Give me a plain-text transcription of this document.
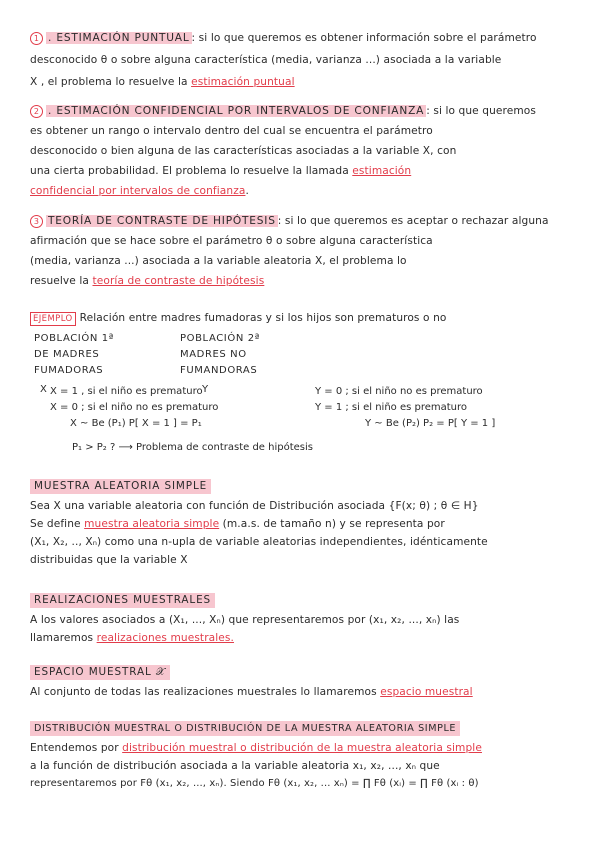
1 . ESTIMACIÓN PUNTUAL : si lo que queremos es obtener información sobre el parámetro
desconocido θ o sobre alguna característica (media, varianza ...) asociada a la variable
X , el problema lo resuelve la estimación puntual
2 . ESTIMACIÓN CONFIDENCIAL POR INTERVALOS DE CONFIANZA : si lo que queremos
es obtener un rango o intervalo dentro del cual se encuentra el parámetro
desconocido o bien alguna de las características asociadas a la variable X, con
una cierta probabilidad. El problema lo resuelve la llamada estimación
confidencial por intervalos de confianza.
3 TEORÍA DE CONTRASTE DE HIPÓTESIS : si lo que queremos es aceptar o rechazar alguna
afirmación que se hace sobre el parámetro θ o sobre alguna característica
(media, varianza ...) asociada a la variable aleatoria X, el problema lo
resuelve la teoría de contraste de hipótesis
EJEMPLO Relación entre madres fumadoras y si los hijos son prematuros o no
POBLACIÓN 1ª
DE MADRES
FUMADORAS
X
POBLACIÓN 2ª
MADRES NO
FUMANDORAS
Y
X = 1 , si el niño es prematuro
X = 0 ; si el niño no es prematuro
X ~ Be (P₁) P[ X = 1 ] = P₁
Y = 0 ; si el niño no es prematuro
Y = 1 ; si el niño es prematuro
Y ~ Be (P₂) P₂ = P[ Y = 1 ]
P₁ > P₂ ? ⟶ Problema de contraste de hipótesis
MUESTRA ALEATORIA SIMPLE
Sea X una variable aleatoria con función de Distribución asociada {F(x; θ) ; θ ∈ H}
Se define muestra aleatoria simple (m.a.s. de tamaño n) y se representa por
(X₁, X₂, .., Xₙ) como una n-upla de variable aleatorias independientes, idénticamente
distribuidas que la variable X
REALIZACIONES MUESTRALES
A los valores asociados a (X₁, ..., Xₙ) que representaremos por (x₁, x₂, ..., xₙ) las
llamaremos realizaciones muestrales.
ESPACIO MUESTRAL 𝒳
Al conjunto de todas las realizaciones muestrales lo llamaremos espacio muestral
DISTRIBUCIÓN MUESTRAL O DISTRIBUCIÓN DE LA MUESTRA ALEATORIA SIMPLE
Entendemos por distribución muestral o distribución de la muestra aleatoria simple
a la función de distribución asociada a la variable aleatoria x₁, x₂, ..., xₙ que
representaremos por Fθ (x₁, x₂, ..., xₙ). Siendo Fθ (x₁, x₂, ... xₙ) = ∏ Fθ (xᵢ) = ∏ Fθ (xᵢ : θ)
